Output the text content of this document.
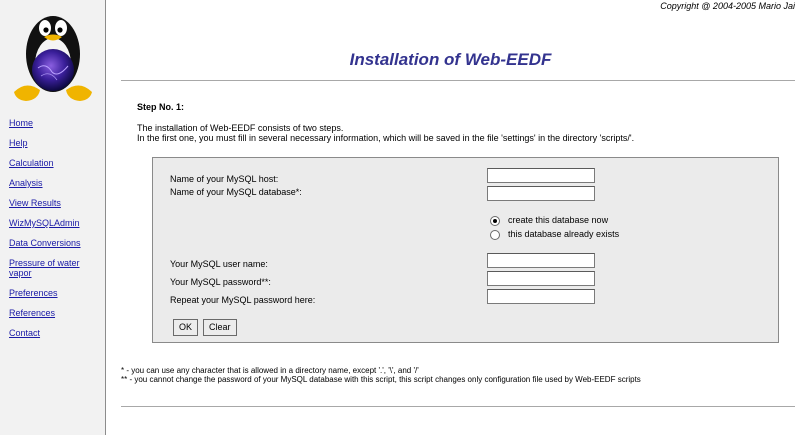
Home
Help
Calculation
Analysis
View Results
WizMySQLAdmin
Data Conversions
Pressure of water vapor
Preferences
References
Contact
Copyright @ 2004-2005 Mario Jai
Installation of Web-EEDF
Step No. 1:
The installation of Web-EEDF consists of two steps.
In the first one, you must fill in several necessary information, which will be saved in the file 'settings' in the directory 'scripts/'.
Name of your MySQL host:
Name of your MySQL database*:
create this database now
this database already exists
Your MySQL user name:
Your MySQL password**:
Repeat your MySQL password here:
OK	Clear
* - you can use any character that is allowed in a directory name, except '.', '\', and '/'
** - you cannot change the password of your MySQL database with this script, this script changes only configuration file used by Web-EEDF scripts
